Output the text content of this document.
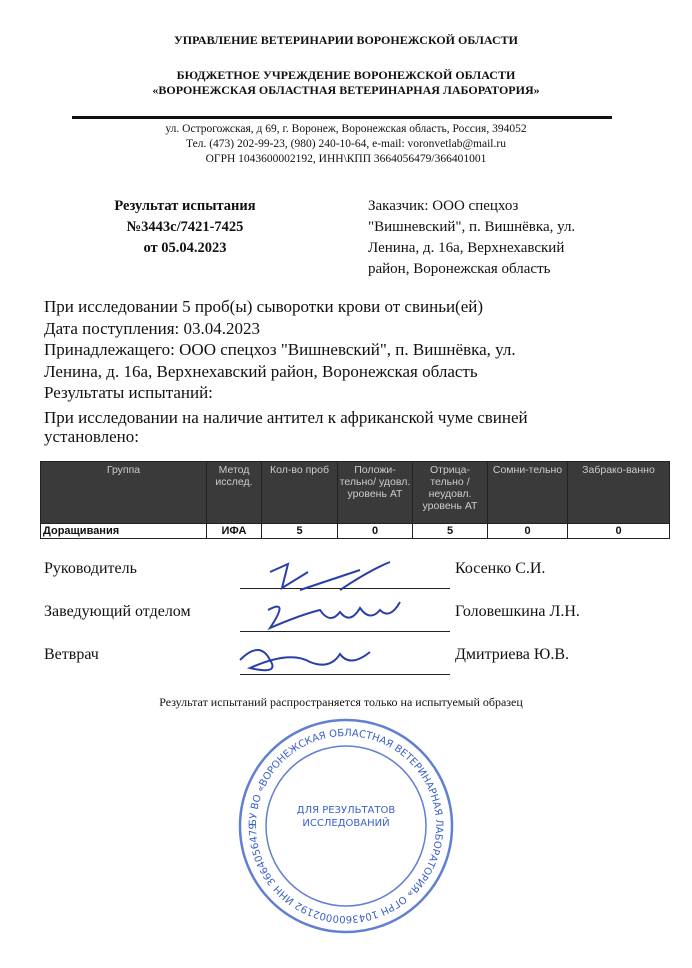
УПРАВЛЕНИЕ ВЕТЕРИНАРИИ ВОРОНЕЖСКОЙ ОБЛАСТИ
БЮДЖЕТНОЕ УЧРЕЖДЕНИЕ ВОРОНЕЖСКОЙ ОБЛАСТИ
«ВОРОНЕЖСКАЯ ОБЛАСТНАЯ ВЕТЕРИНАРНАЯ ЛАБОРАТОРИЯ»
ул. Острогожская, д 69, г. Воронеж, Воронежская область, Россия, 394052
Тел. (473) 202-99-23, (980) 240-10-64, e-mail: voronvetlab@mail.ru
ОГРН 1043600002192, ИНН\КПП 3664056479/366401001
Результат испытания
№3443с/7421-7425
от 05.04.2023
Заказчик: ООО спецхоз
"Вишневский", п. Вишнёвка, ул.
Ленина, д. 16а, Верхнехавский
район, Воронежская область
При исследовании 5 проб(ы) сыворотки крови от свиньи(ей)
Дата поступления: 03.04.2023
Принадлежащего: ООО спецхоз "Вишневский", п. Вишнёвка, ул.
Ленина, д. 16а, Верхнехавский район, Воронежская область
Результаты испытаний:
При исследовании на наличие антител к африканской чуме свиней
установлено:
Группа	Метод исслед.	Кол-во проб	Положи-тельно/ удовл. уровень АТ	Отрица-тельно / неудовл. уровень АТ	Сомни-тельно	Забрако-ванно
Доращивания	ИФА	5	0	5	0	0
Руководитель	Косенко С.И.
Заведующий отделом	Головешкина Л.Н.
Ветврач	Дмитриева Ю.В.
Результат испытаний распространяется только на испытуемый образец
БУ ВО «ВОРОНЕЖСКАЯ ОБЛАСТНАЯ ВЕТЕРИНАРНАЯ ЛАБОРАТОРИЯ» ОГРН 1043600002192 ИНН 3664056479
ДЛЯ РЕЗУЛЬТАТОВ ИССЛЕДОВАНИЙ
